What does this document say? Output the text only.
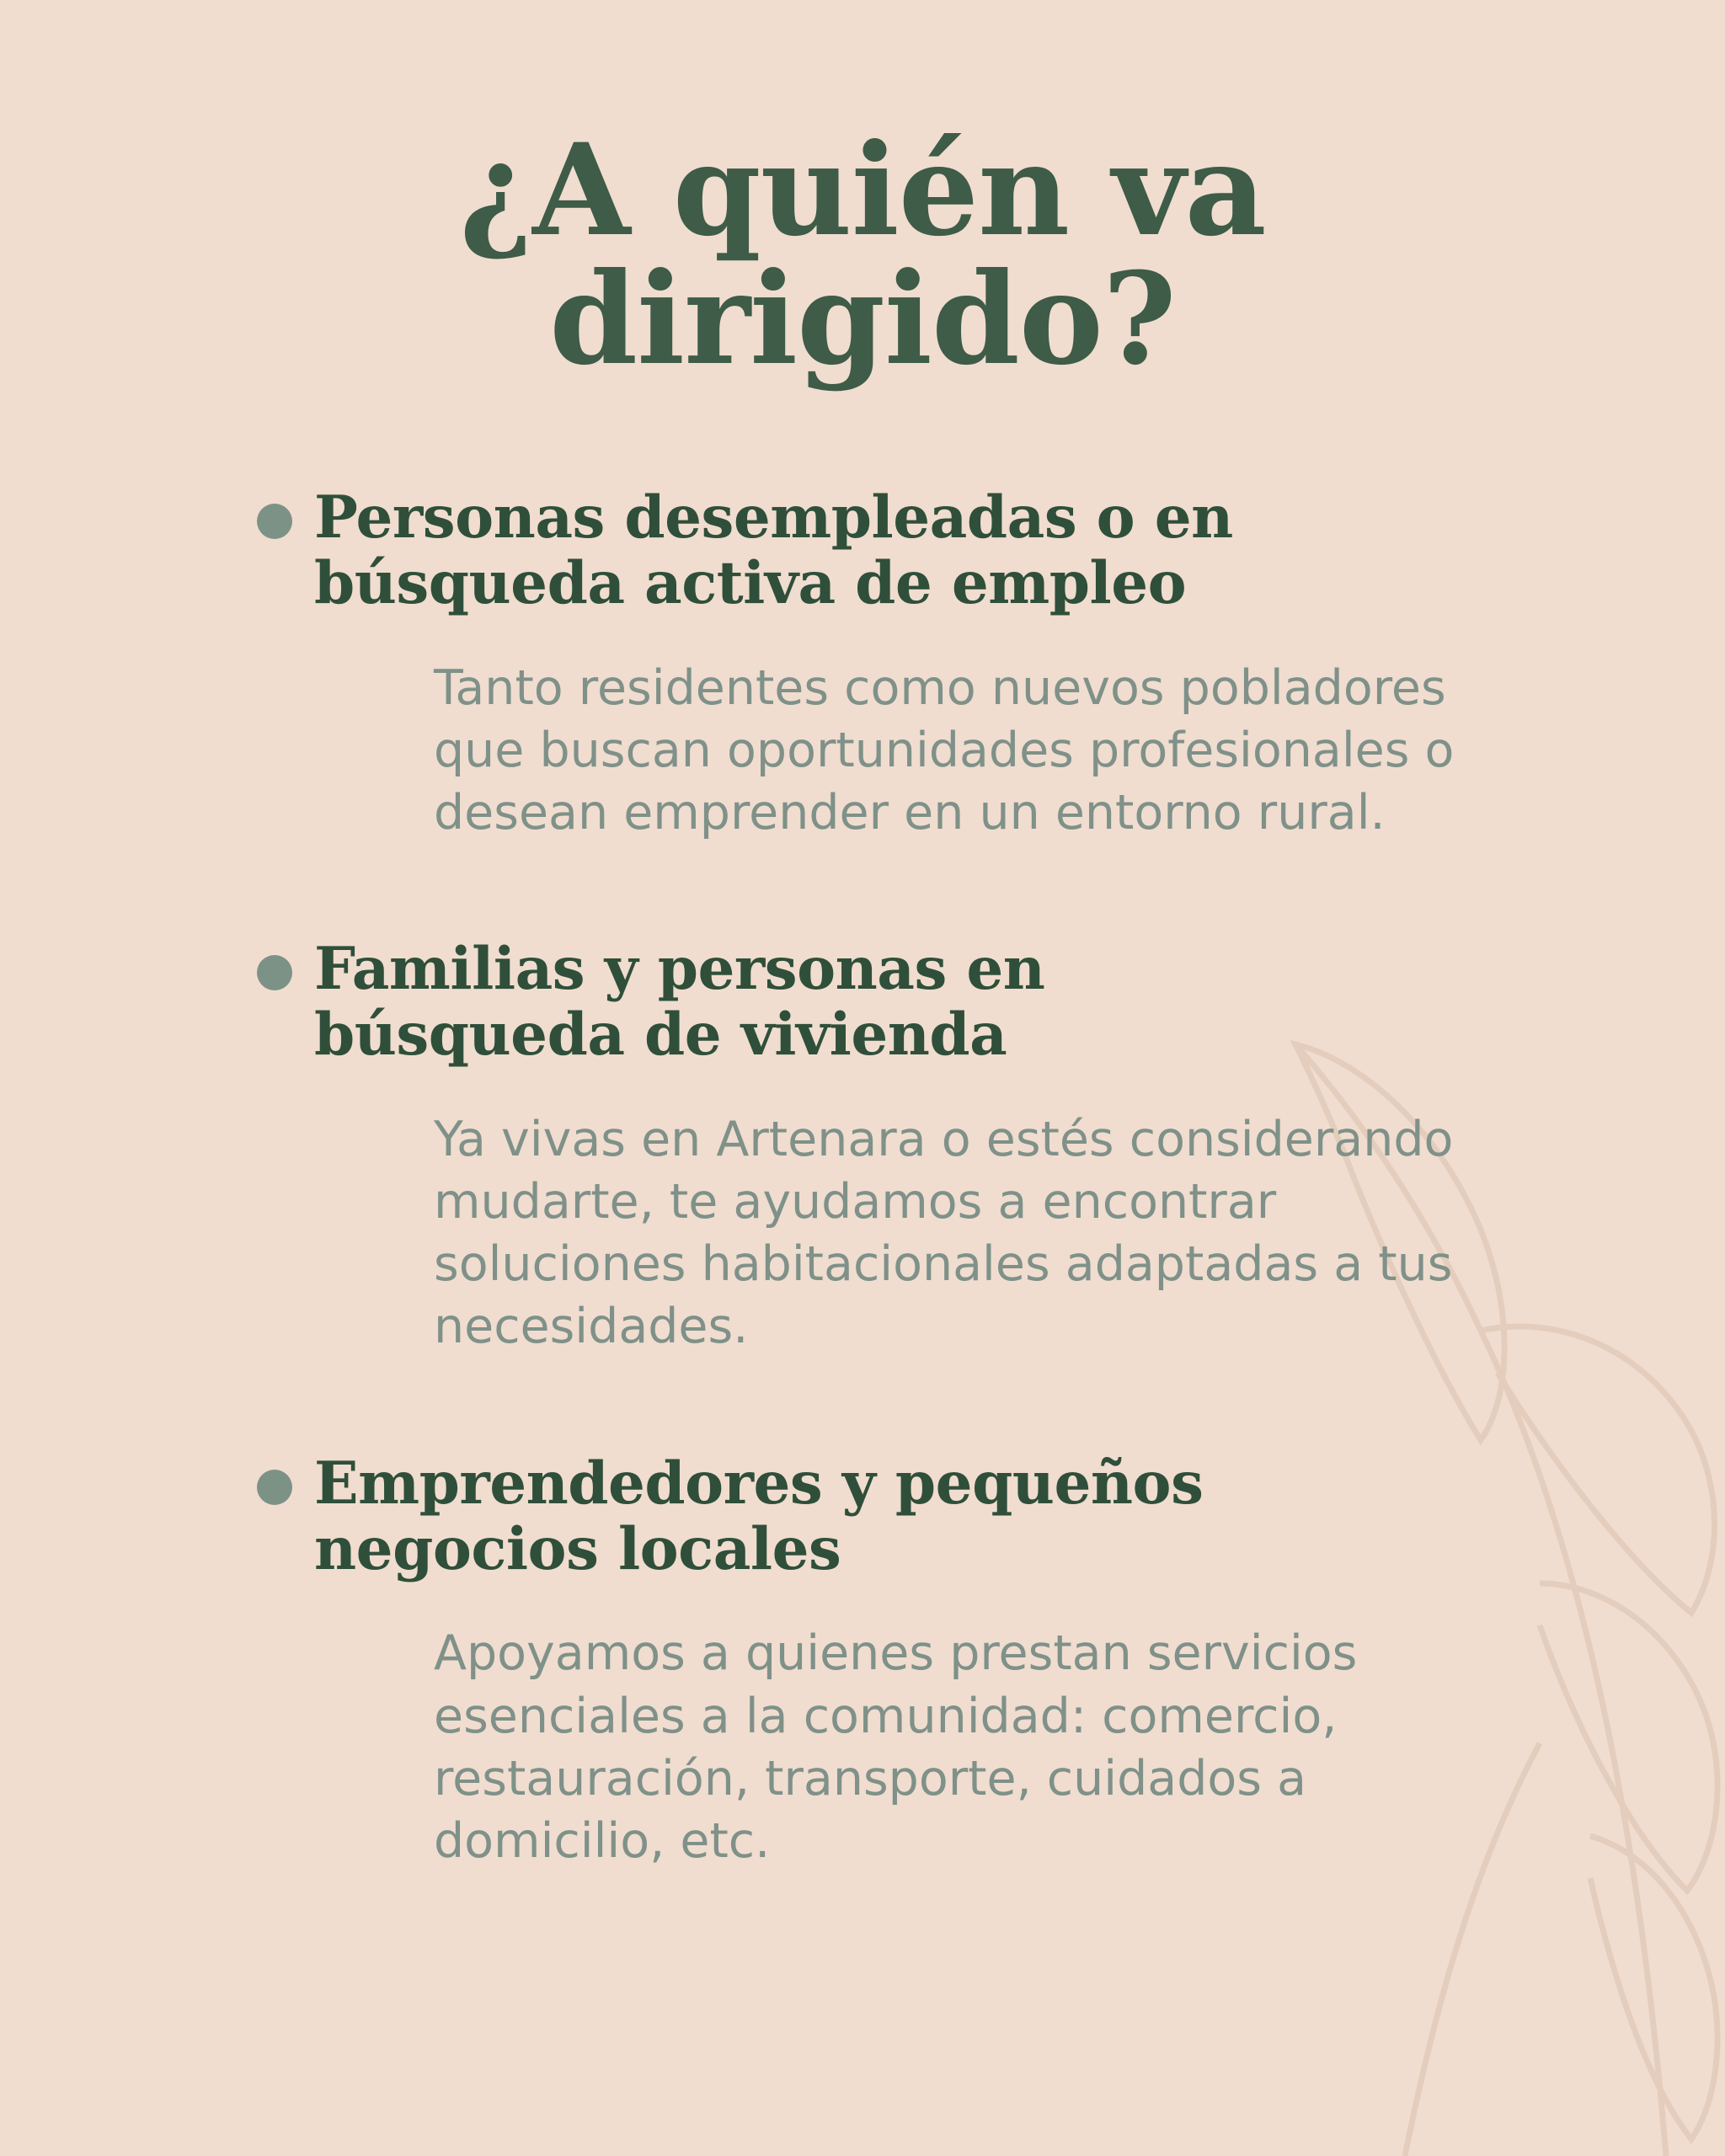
¿A quién va dirigido?
Personas desempleadas o en búsqueda activa de empleo

Tanto residentes como nuevos pobladores que buscan oportunidades profesionales o desean emprender en un entorno rural.

Familias y personas en búsqueda de vivienda

Ya vivas en Artenara o estés considerando mudarte, te ayudamos a encontrar soluciones habitacionales adaptadas a tus necesidades.

Emprendedores y pequeños negocios locales

Apoyamos a quienes prestan servicios esenciales a la comunidad: comercio, restauración, transporte, cuidados a domicilio, etc.
